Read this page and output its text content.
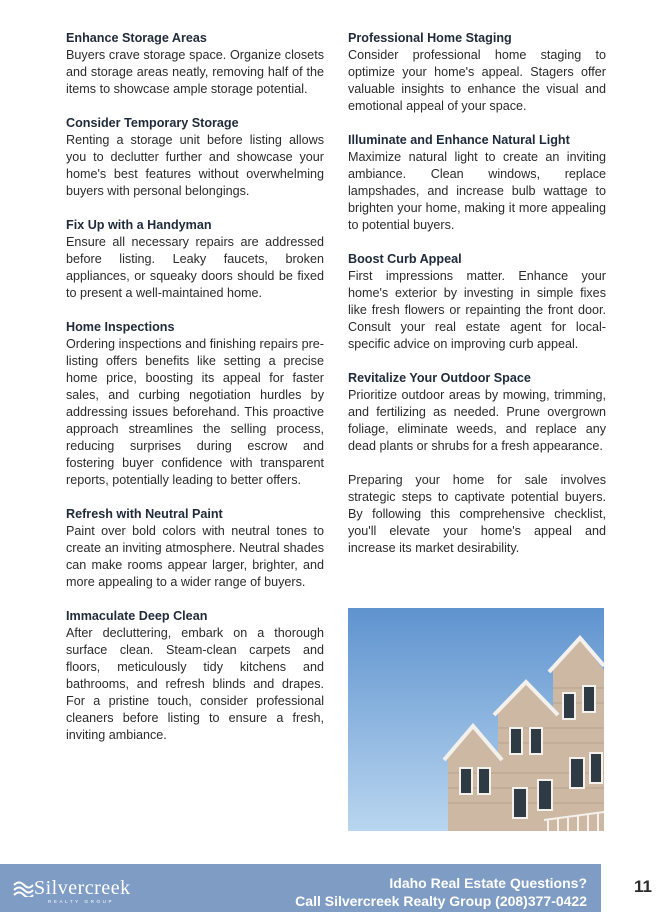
Enhance Storage Areas

Buyers crave storage space. Organize closets and storage areas neatly, removing half of the items to showcase ample storage potential.

Consider Temporary Storage

Renting a storage unit before listing allows you to declutter further and showcase your home's best features without overwhelming buyers with personal belongings.

Fix Up with a Handyman

Ensure all necessary repairs are addressed before listing. Leaky faucets, broken appliances, or squeaky doors should be fixed to present a well-maintained home.

Home Inspections

Ordering inspections and finishing repairs pre-listing offers benefits like setting a precise home price, boosting its appeal for faster sales, and curbing negotiation hurdles by addressing issues beforehand. This proactive approach streamlines the selling process, reducing surprises during escrow and fostering buyer confidence with transparent reports, potentially leading to better offers.

Refresh with Neutral Paint

Paint over bold colors with neutral tones to create an inviting atmosphere. Neutral shades can make rooms appear larger, brighter, and more appealing to a wider range of buyers.

Immaculate Deep Clean

After decluttering, embark on a thorough surface clean. Steam-clean carpets and floors, meticulously tidy kitchens and bathrooms, and refresh blinds and drapes. For a pristine touch, consider professional cleaners before listing to ensure a fresh, inviting ambiance.

Professional Home Staging

Consider professional home staging to optimize your home's appeal. Stagers offer valuable insights to enhance the visual and emotional appeal of your space.

Illuminate and Enhance Natural Light

Maximize natural light to create an inviting ambiance. Clean windows, replace lampshades, and increase bulb wattage to brighten your home, making it more appealing to potential buyers.

Boost Curb Appeal

First impressions matter. Enhance your home's exterior by investing in simple fixes like fresh flowers or repainting the front door. Consult your real estate agent for local-specific advice on improving curb appeal.

Revitalize Your Outdoor Space

Prioritize outdoor areas by mowing, trimming, and fertilizing as needed. Prune overgrown foliage, eliminate weeds, and replace any dead plants or shrubs for a fresh appearance.

Preparing your home for sale involves strategic steps to captivate potential buyers. By following this comprehensive checklist, you'll elevate your home's appeal and increase its market desirability.

Silvercreek
REALTY GROUP
Idaho Real Estate Questions?
Call Silvercreek Realty Group (208)377-0422
11
